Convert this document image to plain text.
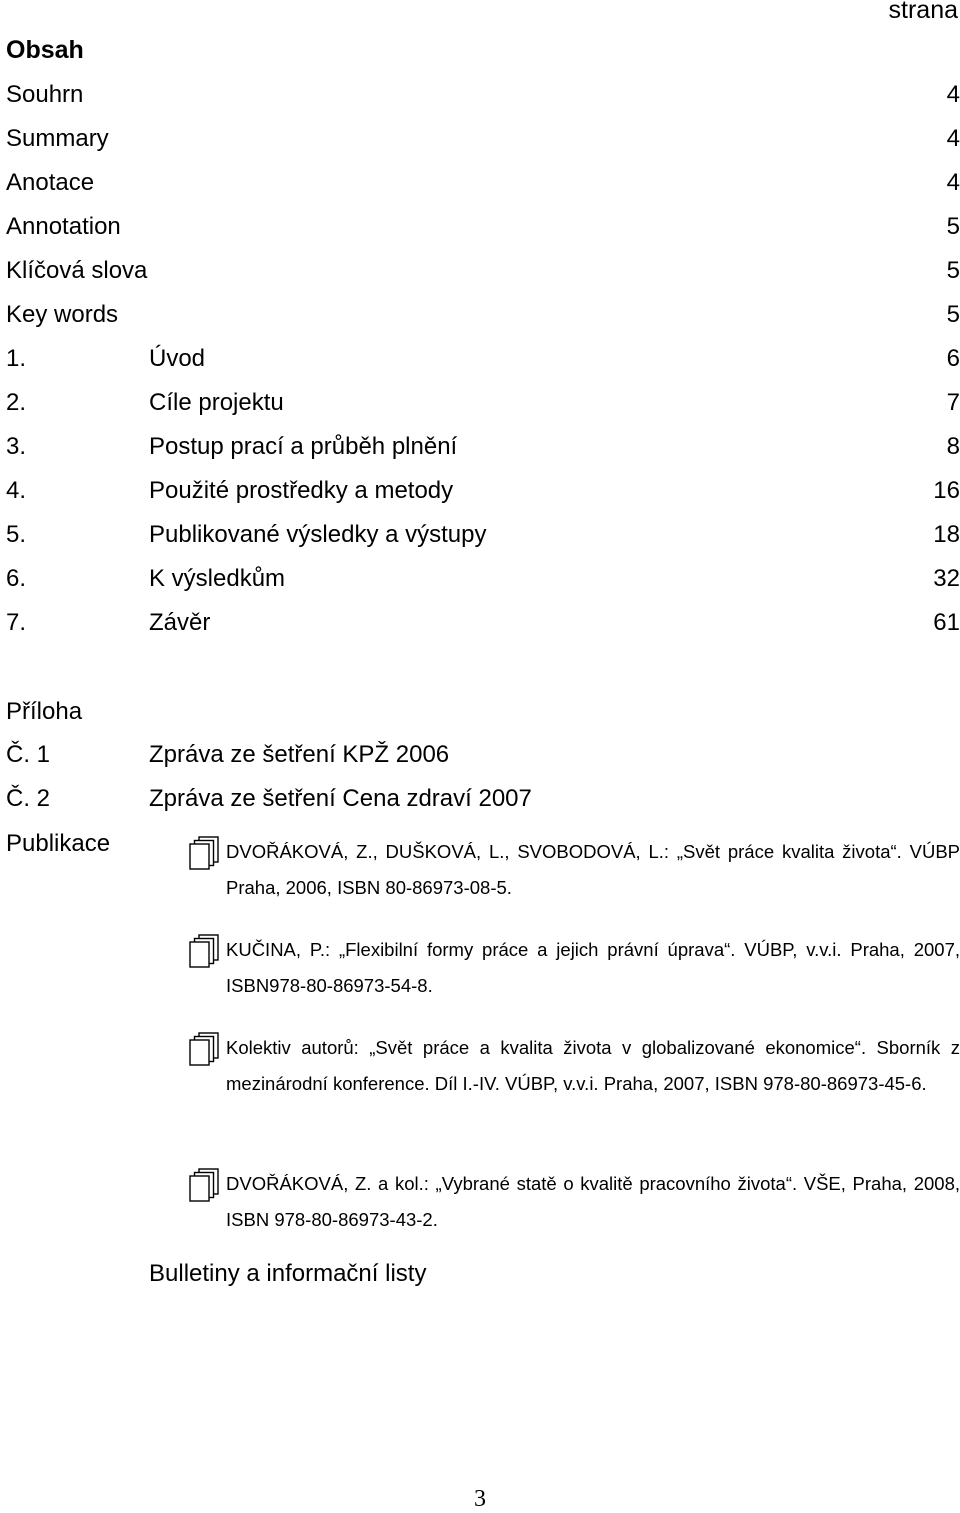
strana
Obsah
Souhrn	4
Summary	4
Anotace	4
Annotation	5
Klíčová slova	5
Key words	5
1.	Úvod	6
2.	Cíle projektu	7
3.	Postup prací a průběh plnění	8
4.	Použité prostředky a metody	16
5.	Publikované výsledky a výstupy	18
6.	K výsledkům	32
7.	Závěr	61
Příloha
Č. 1	Zpráva ze šetření KPŽ 2006
Č. 2	Zpráva ze šetření Cena zdraví 2007
Publikace	DVOŘÁKOVÁ, Z., DUŠKOVÁ, L., SVOBODOVÁ, L.: „Svět práce kvalita života“. VÚBP Praha, 2006, ISBN 80-86973-08-5.
KUČINA, P.: „Flexibilní formy práce a jejich právní úprava“. VÚBP, v.v.i. Praha, 2007, ISBN978-80-86973-54-8.
Kolektiv autorů: „Svět práce a kvalita života v globalizované ekonomice“. Sborník z mezinárodní konference. Díl I.-IV. VÚBP, v.v.i. Praha, 2007, ISBN 978-80-86973-45-6.
DVOŘÁKOVÁ, Z. a kol.: „Vybrané statě o kvalitě pracovního života“. VŠE, Praha, 2008, ISBN 978-80-86973-43-2.
Bulletiny a informační listy
3
